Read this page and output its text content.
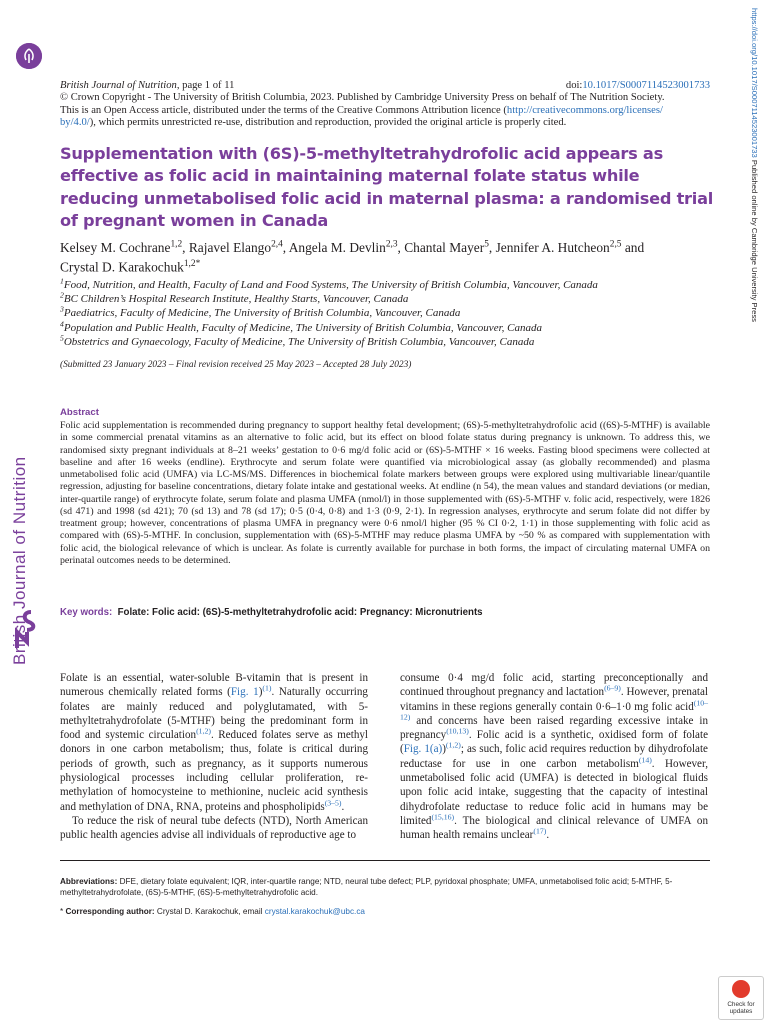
British Journal of Nutrition
https://doi.org/10.1017/S0007114523001733 Published online by Cambridge University Press
British Journal of Nutrition, page 1 of 11	doi:10.1017/S0007114523001733
© Crown Copyright - The University of British Columbia, 2023. Published by Cambridge University Press on behalf of The Nutrition Society.
This is an Open Access article, distributed under the terms of the Creative Commons Attribution licence (http://creativecommons.org/licenses/
by/4.0/), which permits unrestricted re-use, distribution and reproduction, provided the original article is properly cited.
Supplementation with (6S)-5-methyltetrahydrofolic acid appears as effective as folic acid in maintaining maternal folate status while reducing unmetabolised folic acid in maternal plasma: a randomised trial of pregnant women in Canada
Kelsey M. Cochrane$^{1,2}$, Rajavel Elango$^{2,4}$, Angela M. Devlin$^{2,3}$, Chantal Mayer$^5$, Jennifer A. Hutcheon$^{2,5}$ and
Crystal D. Karakochuk$^{1,2*}$
$^1$Food, Nutrition, and Health, Faculty of Land and Food Systems, The University of British Columbia, Vancouver, Canada
$^2$BC Children’s Hospital Research Institute, Healthy Starts, Vancouver, Canada
$^3$Paediatrics, Faculty of Medicine, The University of British Columbia, Vancouver, Canada
$^4$Population and Public Health, Faculty of Medicine, The University of British Columbia, Vancouver, Canada
$^5$Obstetrics and Gynaecology, Faculty of Medicine, The University of British Columbia, Vancouver, Canada
(Submitted 23 January 2023 – Final revision received 25 May 2023 – Accepted 28 July 2023)
Abstract
Folic acid supplementation is recommended during pregnancy to support healthy fetal development; (6S)-5-methyltetrahydrofolic acid ((6S)-5-MTHF) is available in some commercial prenatal vitamins as an alternative to folic acid, but its effect on blood folate status during pregnancy is unknown. To address this, we randomised sixty pregnant individuals at 8–21 weeks’ gestation to 0·6 mg/d folic acid or (6S)-5-MTHF × 16 weeks. Fasting blood specimens were collected at baseline and after 16 weeks (endline). Erythrocyte and serum folate were quantified via microbiological assay (as globally recommended) and plasma unmetabolised folic acid (UMFA) via LC-MS/MS. Differences in biochemical folate markers between groups were explored using multivariable linear/quantile regression, adjusting for baseline concentrations, dietary folate intake and gestational weeks. At endline (n 54), the mean values and standard deviations (or median, inter-quartile range) of erythrocyte folate, serum folate and plasma UMFA (nmol/l) in those supplemented with (6S)-5-MTHF v. folic acid, respectively, were 1826 (sd 471) and 1998 (sd 421); 70 (sd 13) and 78 (sd 17); 0·5 (0·4, 0·8) and 1·3 (0·9, 2·1). In regression analyses, erythrocyte and serum folate did not differ by treatment group; however, concentrations of plasma UMFA in pregnancy were 0·6 nmol/l higher (95 % CI 0·2, 1·1) in those supplementing with folic acid as compared with (6S)-5-MTHF. In conclusion, supplementation with (6S)-5-MTHF may reduce plasma UMFA by ~50 % as compared with supplementation with folic acid, the biological relevance of which is unclear. As folate is currently available for purchase in both forms, the impact of circulating maternal UMFA on perinatal outcomes needs to be determined.
Key words: Folate: Folic acid: (6S)-5-methyltetrahydrofolic acid: Pregnancy: Micronutrients

Folate is an essential, water-soluble B-vitamin that is present in numerous chemically related forms (Fig. 1)$^{(1)}$. Naturally occurring folates are mainly reduced and polyglutamated, with 5-methyltetrahydrofolate (5-MTHF) being the predominant form in food and systemic circulation$^{(1,2)}$. Reduced folates serve as methyl donors in one carbon metabolism; thus, folate is critical during periods of growth, such as pregnancy, as it supports numerous physiological processes including cellular proliferation, re-methylation of homocysteine to methionine, nucleic acid synthesis and methylation of DNA, RNA, proteins and phospholipids$^{(3-5)}$.

To reduce the risk of neural tube defects (NTD), North American public health agencies advise all individuals of reproductive age to

consume 0·4 mg/d folic acid, starting preconceptionally and continued throughout pregnancy and lactation$^{(6-9)}$. However, prenatal vitamins in these regions generally contain 0·6–1·0 mg folic acid$^{(10-12)}$ and concerns have been raised regarding excessive intake in pregnancy$^{(10,13)}$. Folic acid is a synthetic, oxidised form of folate (Fig. 1(a))$^{(1,2)}$; as such, folic acid requires reduction by dihydrofolate reductase for use in one carbon metabolism$^{(14)}$. However, unmetabolised folic acid (UMFA) is detected in biological fluids upon folic acid intake, suggesting that the capacity of intestinal dihydrofolate reductase to reduce folic acid in humans may be limited$^{(15,16)}$. The biological and clinical relevance of UMFA on human health remains unclear$^{(17)}$.

Abbreviations: DFE, dietary folate equivalent; IQR, inter-quartile range; NTD, neural tube defect; PLP, pyridoxal phosphate; UMFA, unmetabolised folic acid; 5-MTHF, 5-methyltetrahydrofolate, (6S)-5-MTHF, (6S)-5-methyltetrahydrofolic acid.
* Corresponding author: Crystal D. Karakochuk, email crystal.karakochuk@ubc.ca
Check for updates
